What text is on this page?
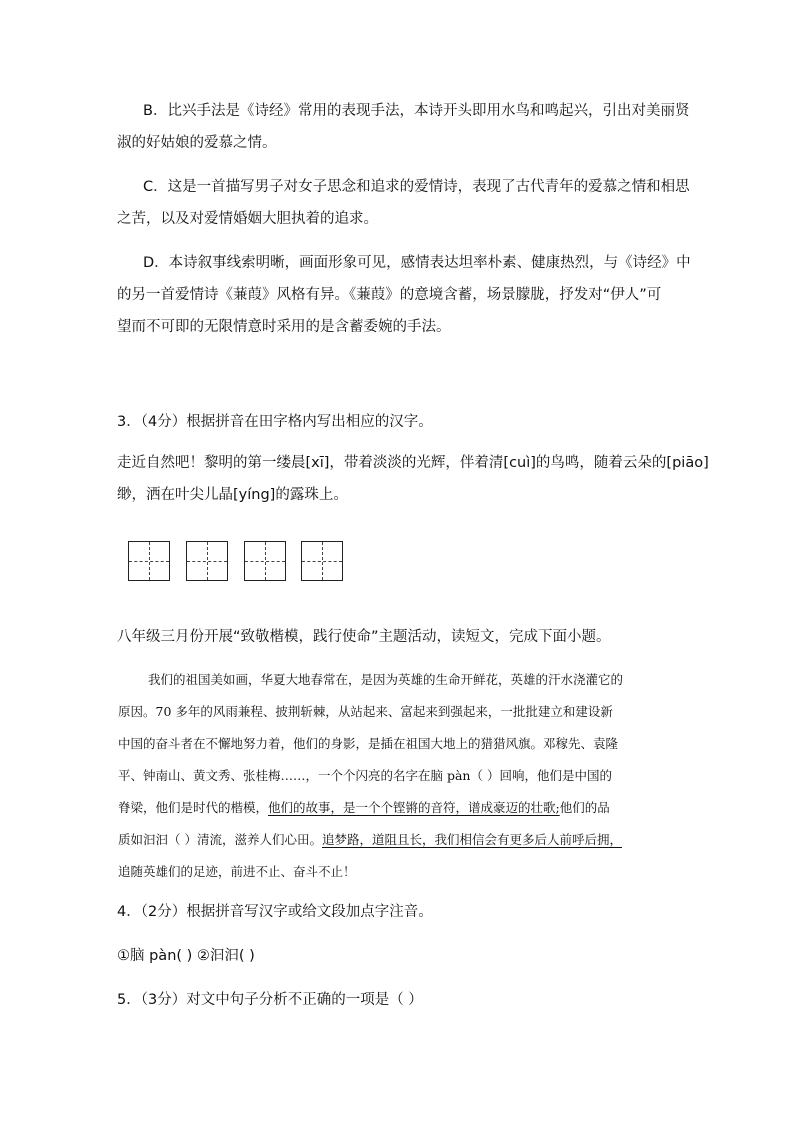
B．比兴手法是《诗经》常用的表现手法，本诗开头即用水鸟和鸣起兴，引出对美丽贤
淑的好姑娘的爱慕之情。
C．这是一首描写男子对女子思念和追求的爱情诗，表现了古代青年的爱慕之情和相思
之苦，以及对爱情婚姻大胆执着的追求。
D．本诗叙事线索明晰，画面形象可见，感情表达坦率朴素、健康热烈，与《诗经》中
的另一首爱情诗《蒹葭》风格有异。《蒹葭》的意境含蓄，场景朦胧，抒发对“伊人”可
望而不可即的无限情意时采用的是含蓄委婉的手法。
3．（4分）根据拼音在田字格内写出相应的汉字。
走近自然吧！黎明的第一缕晨[xī]，带着淡淡的光辉，伴着清[cuì]的鸟鸣，随着云朵的[piāo]
缈，洒在叶尖儿晶[yíng]的露珠上。
八年级三月份开展“致敬楷模，践行使命”主题活动，读短文，完成下面小题。
我们的祖国美如画，华夏大地春常在，是因为英雄的生命开鲜花，英雄的汗水浇灌它的
原因。70 多年的风雨兼程、披荆斩棘，从站起来、富起来到强起来，一批批建立和建设新
中国的奋斗者在不懈地努力着，他们的身影，是插在祖国大地上的猎猎风旗。邓稼先、袁隆
平、钟南山、黄文秀、张桂梅……，一个个闪亮的名字在脑 pàn（ ）回响，他们是中国的
脊梁，他们是时代的楷模，他们的故事，是一个个铿锵的音符，谱成豪迈的壮歌;他们的品
质如汩汩（ ）清流，滋养人们心田。追梦路，道阻且长，我们相信会有更多后人前呼后拥，
追随英雄们的足迹，前进不止、奋斗不止！
4．（2分）根据拼音写汉字或给文段加点字注音。
①脑 pàn( ) ②汩汩( )
5．（3分）对文中句子分析不正确的一项是（ ）
